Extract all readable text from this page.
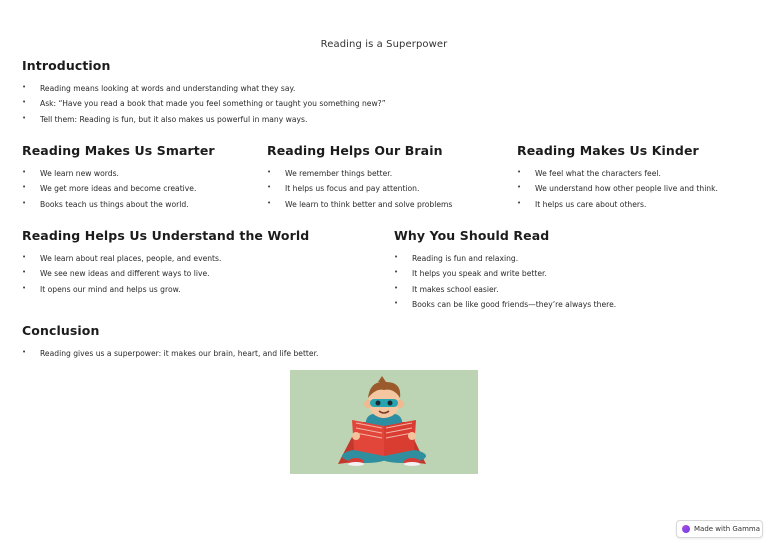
Reading is a Superpower
Introduction
• Reading means looking at words and understanding what they say.
• Ask: “Have you read a book that made you feel something or taught you something new?”
• Tell them: Reading is fun, but it also makes us powerful in many ways.
Reading Makes Us Smarter
• We learn new words.
• We get more ideas and become creative.
• Books teach us things about the world.
Reading Helps Our Brain
• We remember things better.
• It helps us focus and pay attention.
• We learn to think better and solve problems
Reading Makes Us Kinder
• We feel what the characters feel.
• We understand how other people live and think.
• It helps us care about others.
Reading Helps Us Understand the World
• We learn about real places, people, and events.
• We see new ideas and different ways to live.
• It opens our mind and helps us grow.
Why You Should Read
• Reading is fun and relaxing.
• It helps you speak and write better.
• It makes school easier.
• Books can be like good friends—they’re always there.
Conclusion
• Reading gives us a superpower: it makes our brain, heart, and life better.
Made with Gamma
